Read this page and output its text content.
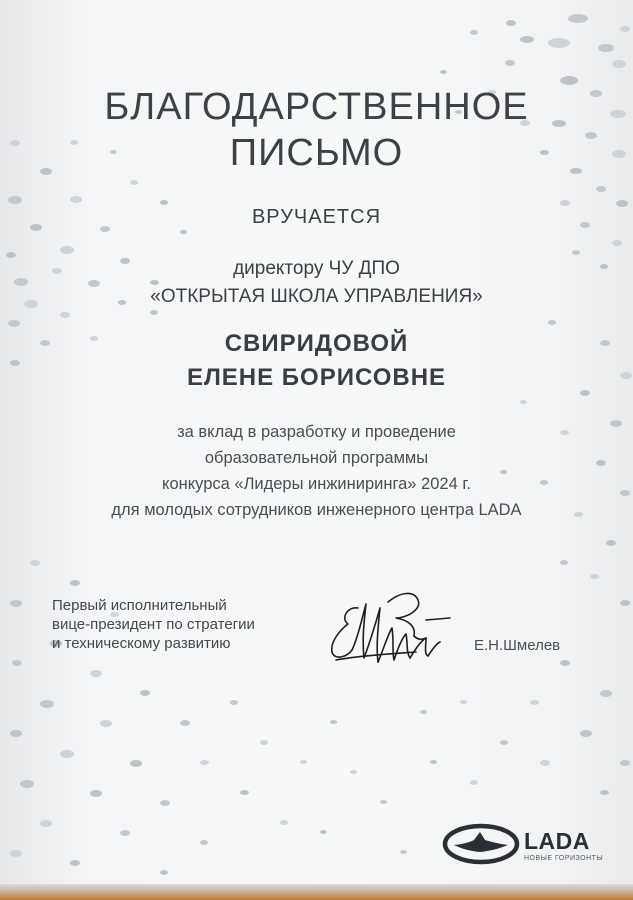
БЛАГОДАРСТВЕННОЕ
ПИСЬМО
ВРУЧАЕТСЯ
директору ЧУ ДПО
«ОТКРЫТАЯ ШКОЛА УПРАВЛЕНИЯ»
СВИРИДОВОЙ
ЕЛЕНЕ БОРИСОВНЕ
за вклад в разработку и проведение
образовательной программы
конкурса «Лидеры инжиниринга» 2024 г.
для молодых сотрудников инженерного центра LADA
Первый исполнительный
вице-президент по стратегии
и техническому развитию	Е.Н.Шмелев
LADA
НОВЫЕ ГОРИЗОНТЫ
